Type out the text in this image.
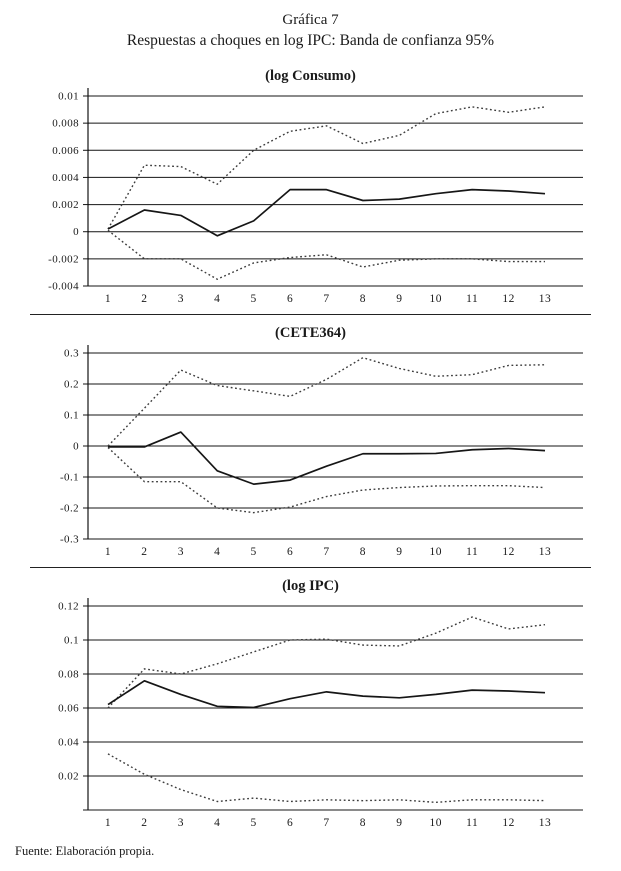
Gráfica 7
Respuestas a choques en log IPC: Banda de confianza 95%
(log Consumo)
0.01
0.008
0.006
0.004
0.002
0
-0.002
-0.004
1	2	3	4	5	6	7	8	9 10 11 12 13
(CETE364)
0.3
0.2
0.1
0
-0.1
-0.2
-0.3
1	2	3	4	5	6	7	8	9 10 11 12 13
(log IPC)
0.12
0.1
0.08
0.06
0.04
0.02
1	2	3	4	5	6	7	8	9 10 11 12 13
Fuente: Elaboración propia.
